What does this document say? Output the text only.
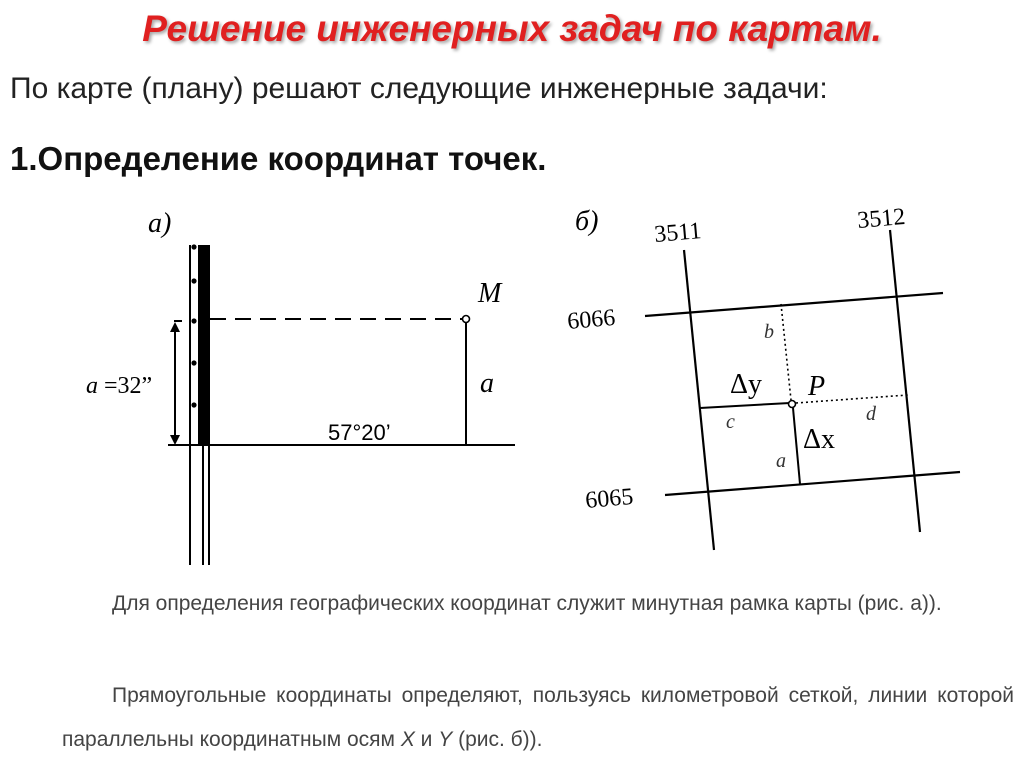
Решение инженерных задач по картам.
По карте (плану) решают следующие инженерные задачи:
1.Определение координат точек.
а)
M
a
57°20’
a =32”
б) 3511	3512
6066
6065
P
Δy
Δx
b
c	d
a
Для определения географических координат служит минутная рамка карты (рис. а)).
Прямоугольные координаты определяют, пользуясь километровой сеткой, линии которой параллельны координатным осям X и Y (рис. б)).
